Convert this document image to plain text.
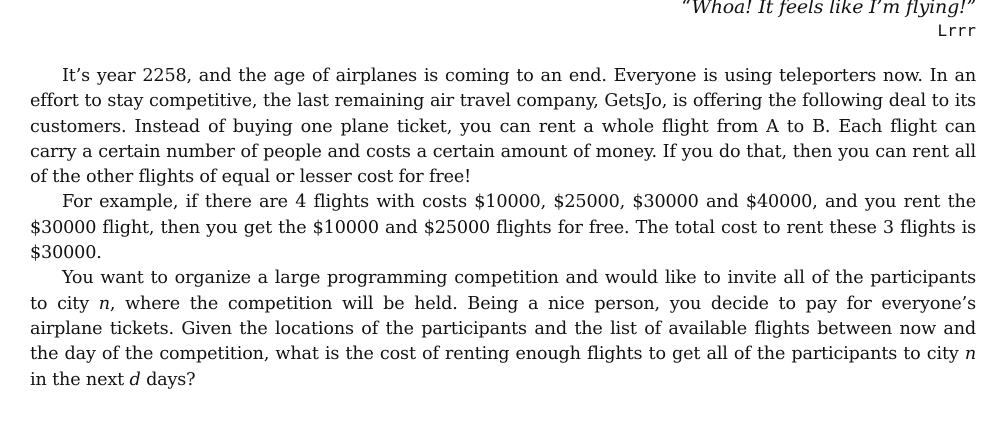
“Whoa! It feels like I’m flying!”
Lrrr

It’s year 2258, and the age of airplanes is coming to an end. Everyone is using teleporters now. In an effort to stay competitive, the last remaining air travel company, GetsJo, is offering the following deal to its customers. Instead of buying one plane ticket, you can rent a whole flight from A to B. Each flight can carry a certain number of people and costs a certain amount of money. If you do that, then you can rent all of the other flights of equal or lesser cost for free!

For example, if there are 4 flights with costs $10000, $25000, $30000 and $40000, and you rent the $30000 flight, then you get the $10000 and $25000 flights for free. The total cost to rent these 3 flights is $30000.

You want to organize a large programming competition and would like to invite all of the participants to city n, where the competition will be held. Being a nice person, you decide to pay for everyone’s airplane tickets. Given the locations of the participants and the list of available flights between now and the day of the competition, what is the cost of renting enough flights to get all of the participants to city n in the next d days?
